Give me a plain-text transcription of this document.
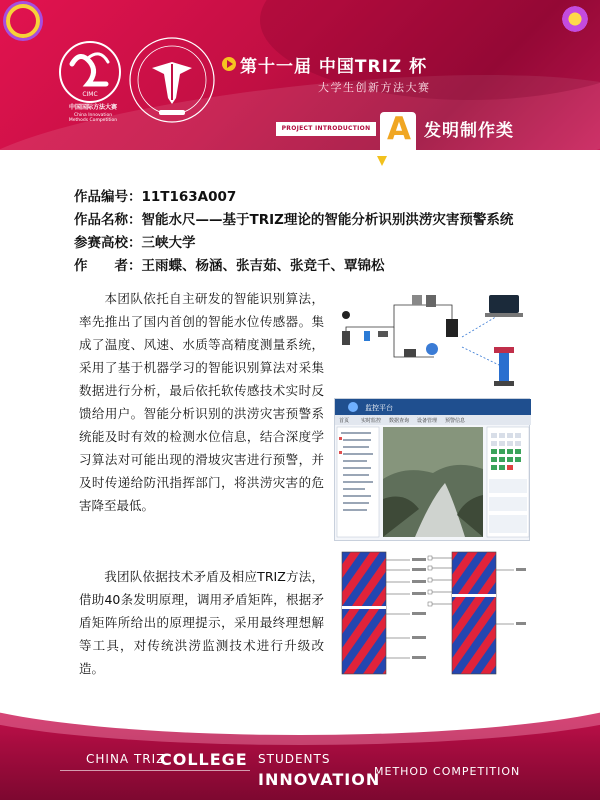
CIMC
中国国际方法大赛
China Innovation
Methods Competition
第十一届 中国TRIZ 杯
大学生创新方法大赛
PROJECT INTRODUCTION A 发明制作类
作品编号：11T163A007
作品名称：智能水尺——基于TRIZ理论的智能分析识别洪涝灾害预警系统
参赛高校：三峡大学
作　　者：王雨蝶、杨涵、张吉茹、张竞千、覃锦松
本团队依托自主研发的智能识别算法，率先推出了国内首创的智能水位传感器。集成了温度、风速、水质等高精度测量系统，采用了基于机器学习的智能识别算法对采集数据进行分析，最后依托软传感技术实时反馈给用户。智能分析识别的洪涝灾害预警系统能及时有效的检测水位信息，结合深度学习算法对可能出现的滑坡灾害进行预警，并及时传递给防汛指挥部门，将洪涝灾害的危害降至最低。
我团队依据技术矛盾及相应TRIZ方法，借助40条发明原理，调用矛盾矩阵，根据矛盾矩阵所给出的原理提示，采用最终理想解等工具，对传统洪涝监测技术进行升级改造。
监控平台
首页 实时监控 数据查询 设备管理 预警信息
CHINA TRIZ
COLLEGE STUDENTS
INNOVATION
METHOD COMPETITION
